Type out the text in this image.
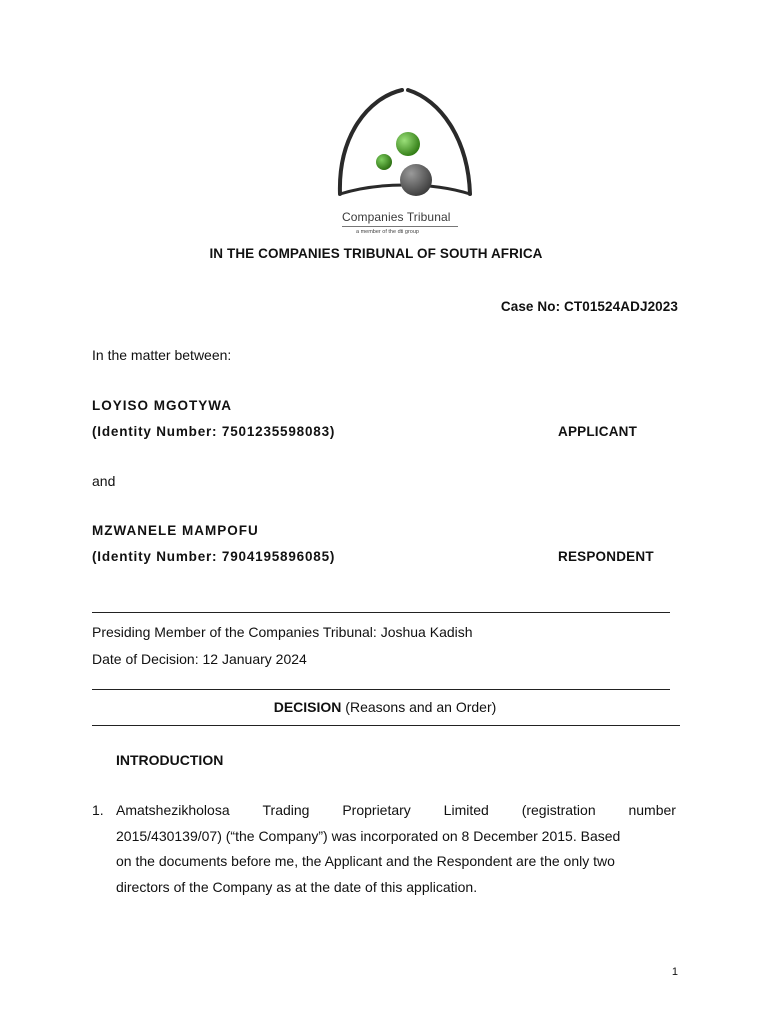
Companies Tribunal
a member of the dti group
IN THE COMPANIES TRIBUNAL OF SOUTH AFRICA
Case No: CT01524ADJ2023
In the matter between:
LOYISO MGOTYWA
(Identity Number: 7501235598083)	APPLICANT
and
MZWANELE MAMPOFU
(Identity Number: 7904195896085)	RESPONDENT
Presiding Member of the Companies Tribunal: Joshua Kadish
Date of Decision: 12 January 2024
DECISION (Reasons and an Order)
INTRODUCTION
1. Amatshezikholosa Trading Proprietary Limited (registration number
2015/430139/07) (“the Company”) was incorporated on 8 December 2015. Based
on the documents before me, the Applicant and the Respondent are the only two
directors of the Company as at the date of this application.
1
